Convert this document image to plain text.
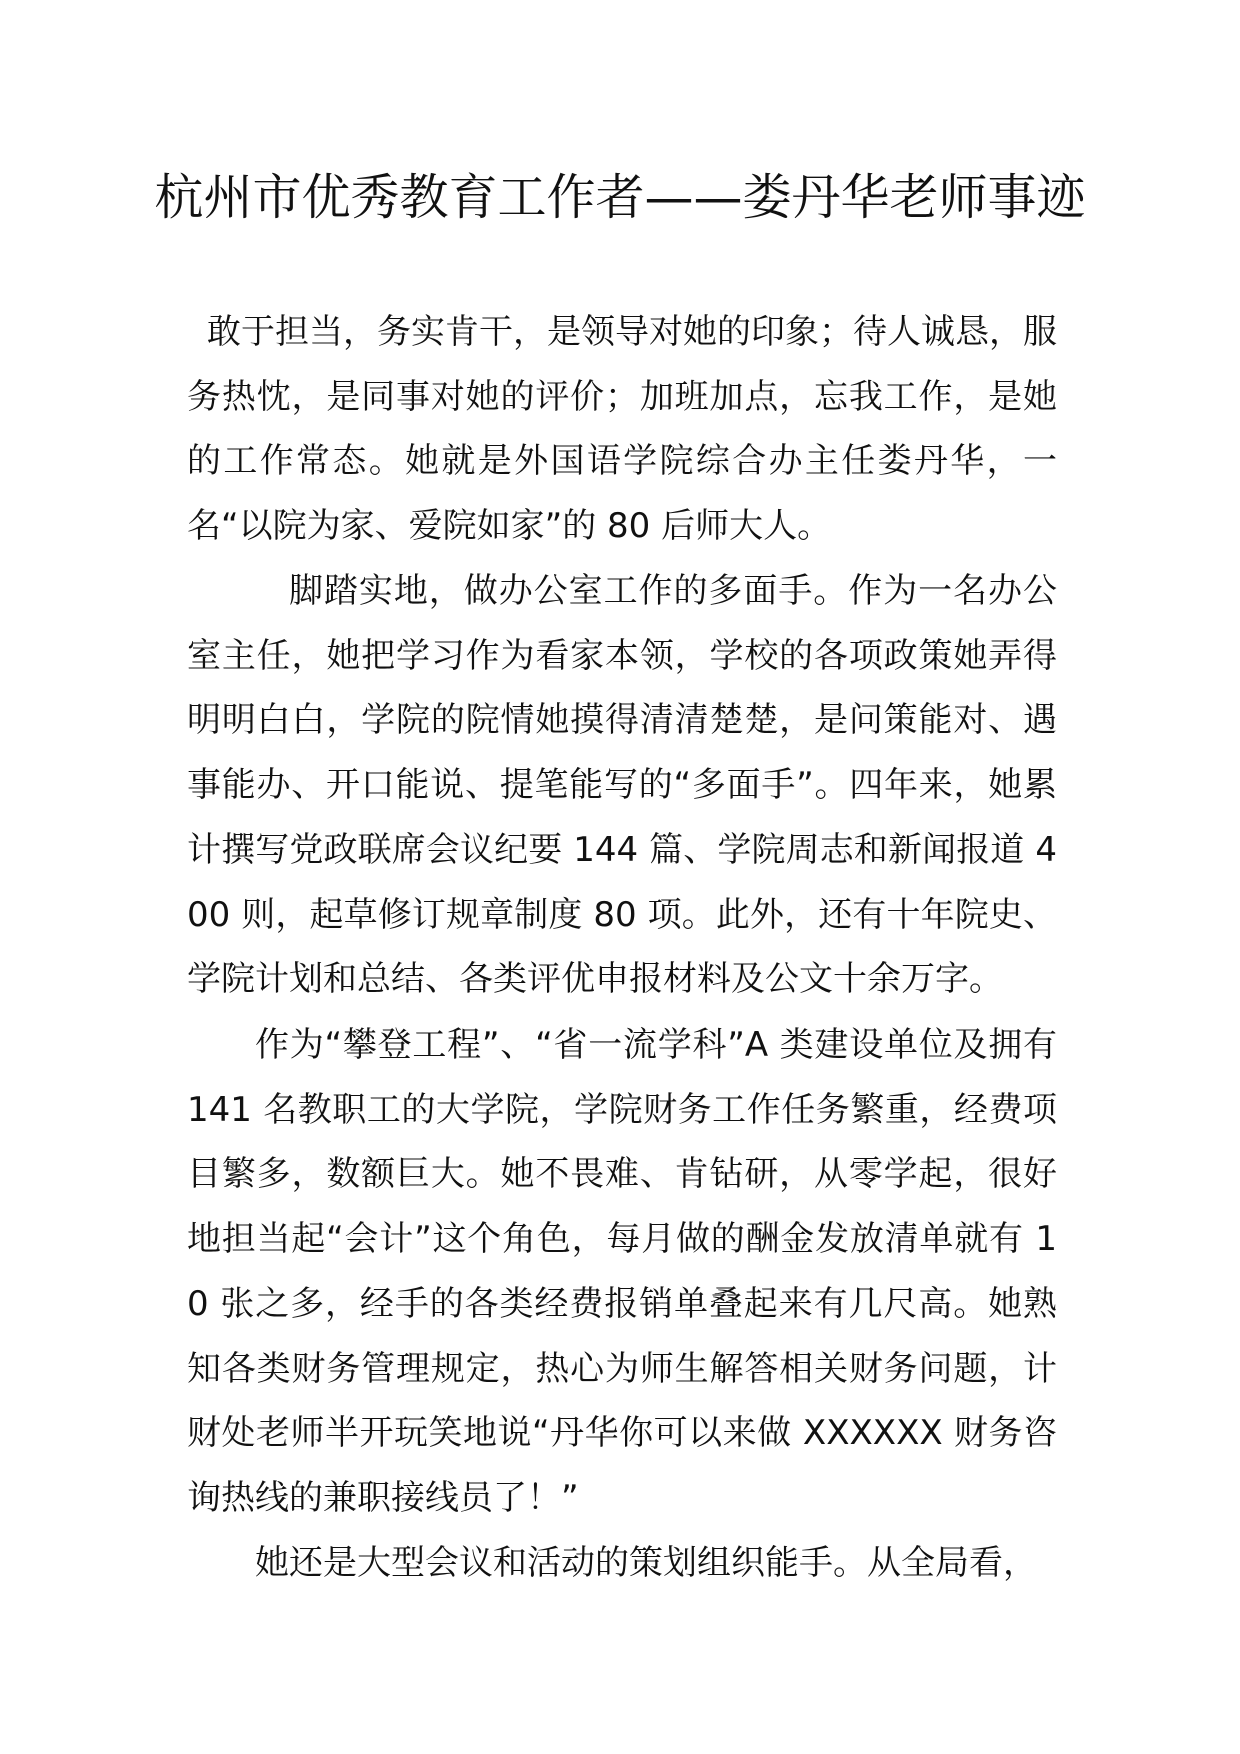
杭州市优秀教育工作者——娄丹华老师事迹

敢于担当，务实肯干，是领导对她的印象；待人诚恳，服务热忱，是同事对她的评价；加班加点，忘我工作，是她的工作常态。她就是外国语学院综合办主任娄丹华，一名“以院为家、爱院如家”的 80 后师大人。

脚踏实地，做办公室工作的多面手。作为一名办公室主任，她把学习作为看家本领，学校的各项政策她弄得明明白白，学院的院情她摸得清清楚楚，是问策能对、遇事能办、开口能说、提笔能写的“多面手”。四年来，她累计撰写党政联席会议纪要 144 篇、学院周志和新闻报道 400 则，起草修订规章制度 80 项。此外，还有十年院史、学院计划和总结、各类评优申报材料及公文十余万字。

作为“攀登工程”、“省一流学科”A 类建设单位及拥有 141 名教职工的大学院，学院财务工作任务繁重，经费项目繁多，数额巨大。她不畏难、肯钻研，从零学起，很好地担当起“会计”这个角色，每月做的酬金发放清单就有 10 张之多，经手的各类经费报销单叠起来有几尺高。她熟知各类财务管理规定，热心为师生解答相关财务问题，计财处老师半开玩笑地说“丹华你可以来做 XXXXXX 财务咨询热线的兼职接线员了！”

她还是大型会议和活动的策划组织能手。从全局看，
